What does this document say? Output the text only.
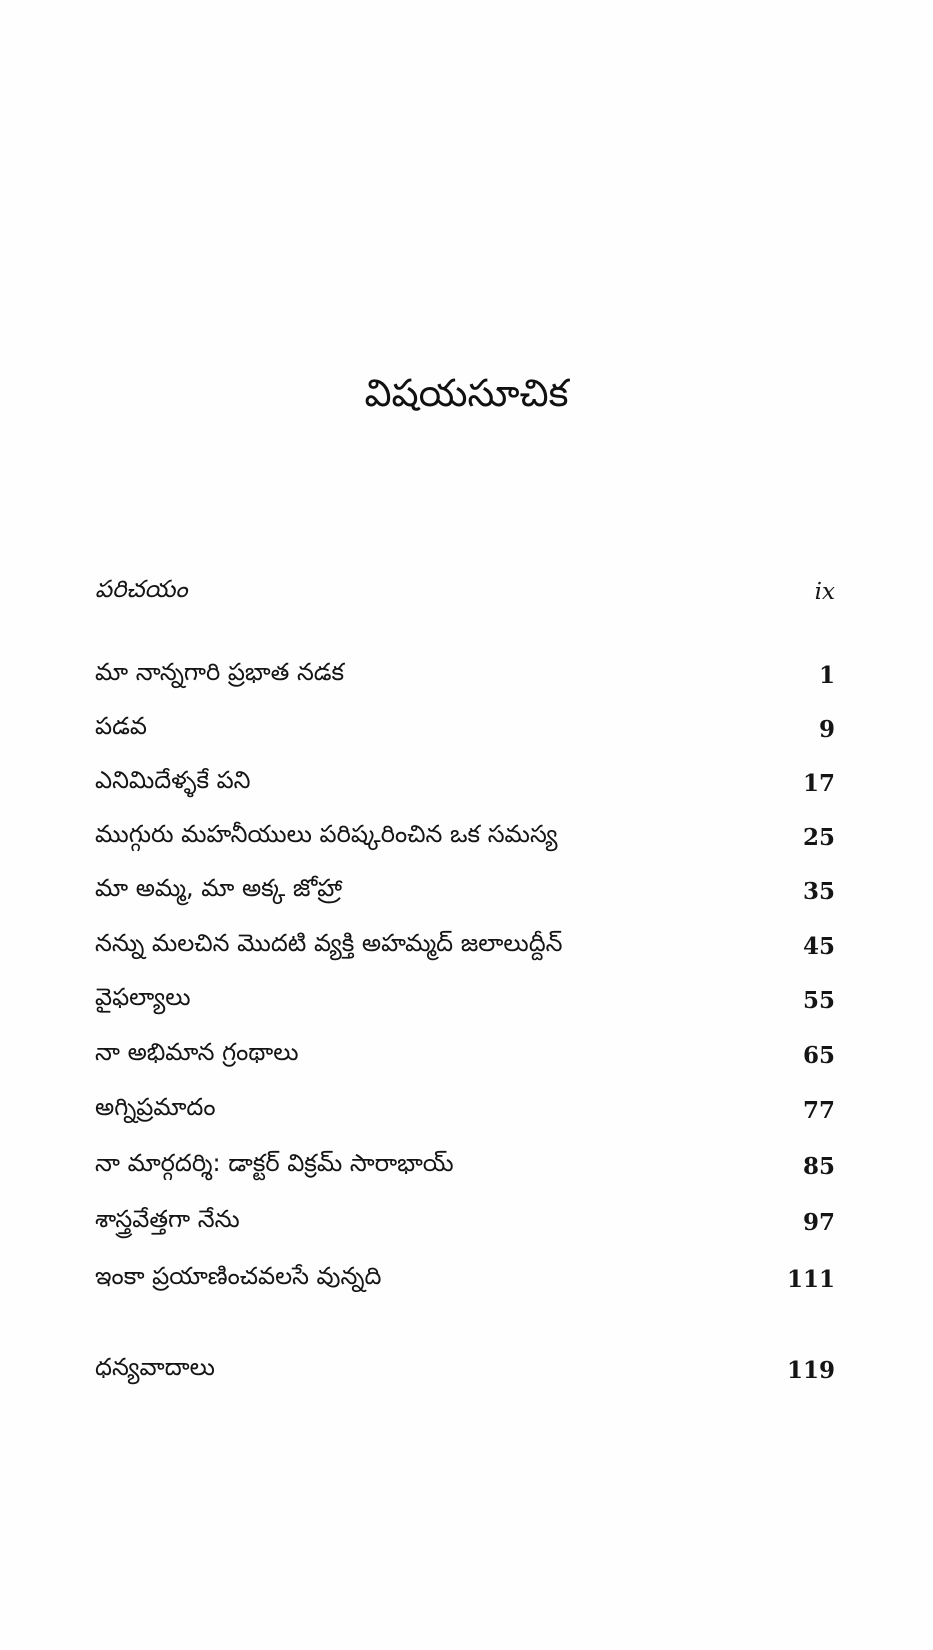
విషయసూచిక
పరిచయం	ix
మా నాన్నగారి ప్రభాత నడక	1
పడవ	9
ఎనిమిదేళ్ళకే పని	17
ముగ్గురు మహనీయులు పరిష్కరించిన ఒక సమస్య	25
మా అమ్మ, మా అక్క జోహ్రా	35
నన్ను మలచిన మొదటి వ్యక్తి అహమ్మద్ జలాలుద్దీన్	45
వైఫల్యాలు	55
నా అభిమాన గ్రంథాలు	65
అగ్నిప్రమాదం	77
నా మార్గదర్శి: డాక్టర్ విక్రమ్ సారాభాయ్	85
శాస్త్రవేత్తగా నేను	97
ఇంకా ప్రయాణించవలసే వున్నది	111
ధన్యవాదాలు	119
